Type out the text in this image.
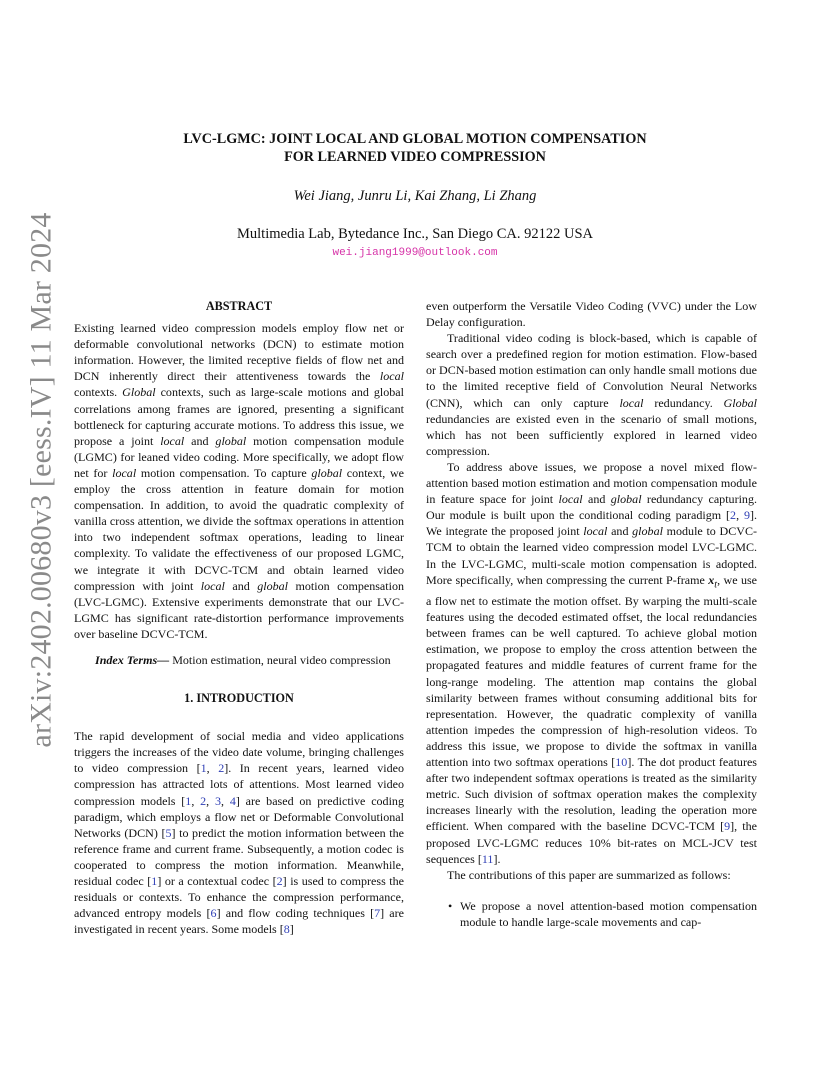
arXiv:2402.00680v3 [eess.IV] 11 Mar 2024
LVC-LGMC: JOINT LOCAL AND GLOBAL MOTION COMPENSATION
FOR LEARNED VIDEO COMPRESSION
Wei Jiang, Junru Li, Kai Zhang, Li Zhang
Multimedia Lab, Bytedance Inc., San Diego CA. 92122 USA
wei.jiang1999@outlook.com

ABSTRACT

Existing learned video compression models employ flow net or deformable convolutional networks (DCN) to estimate motion information. However, the limited receptive fields of flow net and DCN inherently direct their attentiveness towards the local contexts. Global contexts, such as large-scale motions and global correlations among frames are ignored, presenting a significant bottleneck for capturing accurate motions. To address this issue, we propose a joint local and global motion compensation module (LGMC) for leaned video coding. More specifically, we adopt flow net for local motion compensation. To capture global context, we employ the cross attention in feature domain for motion compensation. In addition, to avoid the quadratic complexity of vanilla cross attention, we divide the softmax operations in attention into two independent softmax operations, leading to linear complexity. To validate the effectiveness of our proposed LGMC, we integrate it with DCVC-TCM and obtain learned video compression with joint local and global motion compensation (LVC-LGMC). Extensive experiments demonstrate that our LVC-LGMC has significant rate-distortion performance improvements over baseline DCVC-TCM.

Index Terms— Motion estimation, neural video compression

1. INTRODUCTION

The rapid development of social media and video applications triggers the increases of the video date volume, bringing challenges to video compression [1, 2]. In recent years, learned video compression has attracted lots of attentions. Most learned video compression models [1, 2, 3, 4] are based on predictive coding paradigm, which employs a flow net or Deformable Convolutional Networks (DCN) [5] to predict the motion information between the reference frame and current frame. Subsequently, a motion codec is cooperated to compress the motion information. Meanwhile, residual codec [1] or a contextual codec [2] is used to compress the residuals or contexts. To enhance the compression performance, advanced entropy models [6] and flow coding techniques [7] are investigated in recent years. Some models [8]

even outperform the Versatile Video Coding (VVC) under the Low Delay configuration.

Traditional video coding is block-based, which is capable of search over a predefined region for motion estimation. Flow-based or DCN-based motion estimation can only handle small motions due to the limited receptive field of Convolution Neural Networks (CNN), which can only capture local redundancy. Global redundancies are existed even in the scenario of small motions, which has not been sufficiently explored in learned video compression.

To address above issues, we propose a novel mixed flow-attention based motion estimation and motion compensation module in feature space for joint local and global redundancy capturing. Our module is built upon the conditional coding paradigm [2, 9]. We integrate the proposed joint local and global module to DCVC-TCM to obtain the learned video compression model LVC-LGMC. In the LVC-LGMC, multi-scale motion compensation is adopted. More specifically, when compressing the current P-frame $x_t$, we use a flow net to estimate the motion offset. By warping the multi-scale features using the decoded estimated offset, the local redundancies between frames can be well captured. To achieve global motion estimation, we propose to employ the cross attention between the propagated features and middle features of current frame for the long-range modeling. The attention map contains the global similarity between frames without consuming additional bits for representation. However, the quadratic complexity of vanilla attention impedes the compression of high-resolution videos. To address this issue, we propose to divide the softmax in vanilla attention into two softmax operations [10]. The dot product features after two independent softmax operations is treated as the similarity metric. Such division of softmax operation makes the complexity increases linearly with the resolution, leading the operation more efficient. When compared with the baseline DCVC-TCM [9], the proposed LVC-LGMC reduces 10% bit-rates on MCL-JCV test sequences [11].

The contributions of this paper are summarized as follows:

• We propose a novel attention-based motion compensation module to handle large-scale movements and cap-
